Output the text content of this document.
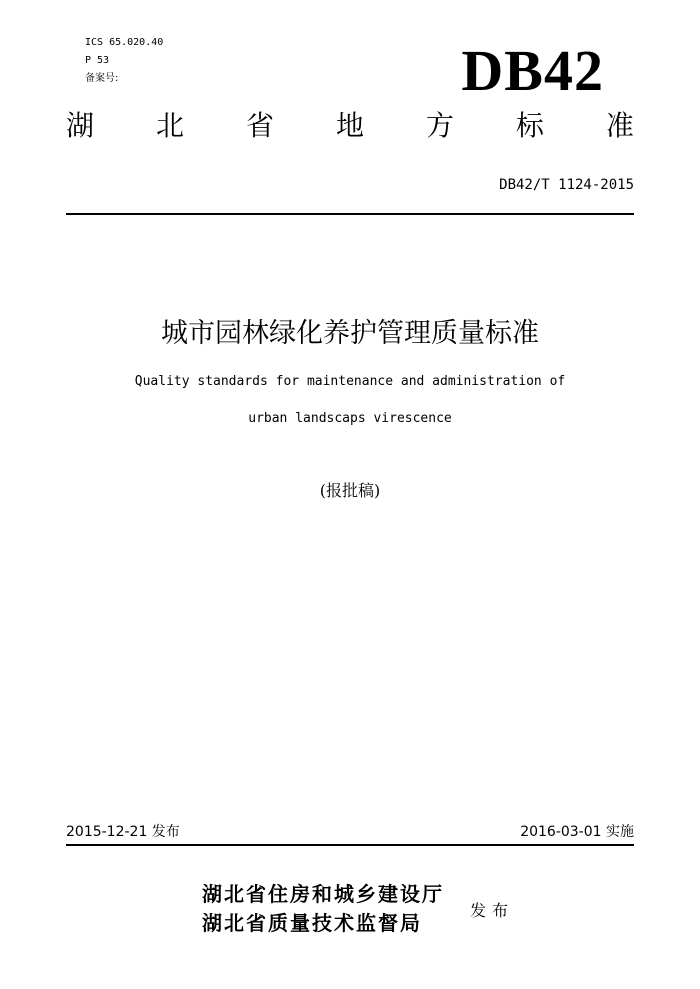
ICS 65.020.40
P 53
备案号:	DB42
湖 北 省 地 方 标 准
DB42/T 1124-2015
城市园林绿化养护管理质量标准
Quality standards for maintenance and administration of
urban landscaps virescence
(报批稿)
2015-12-21 发布	2016-03-01 实施
湖北省住房和城乡建设厅
湖北省质量技术监督局
发布
